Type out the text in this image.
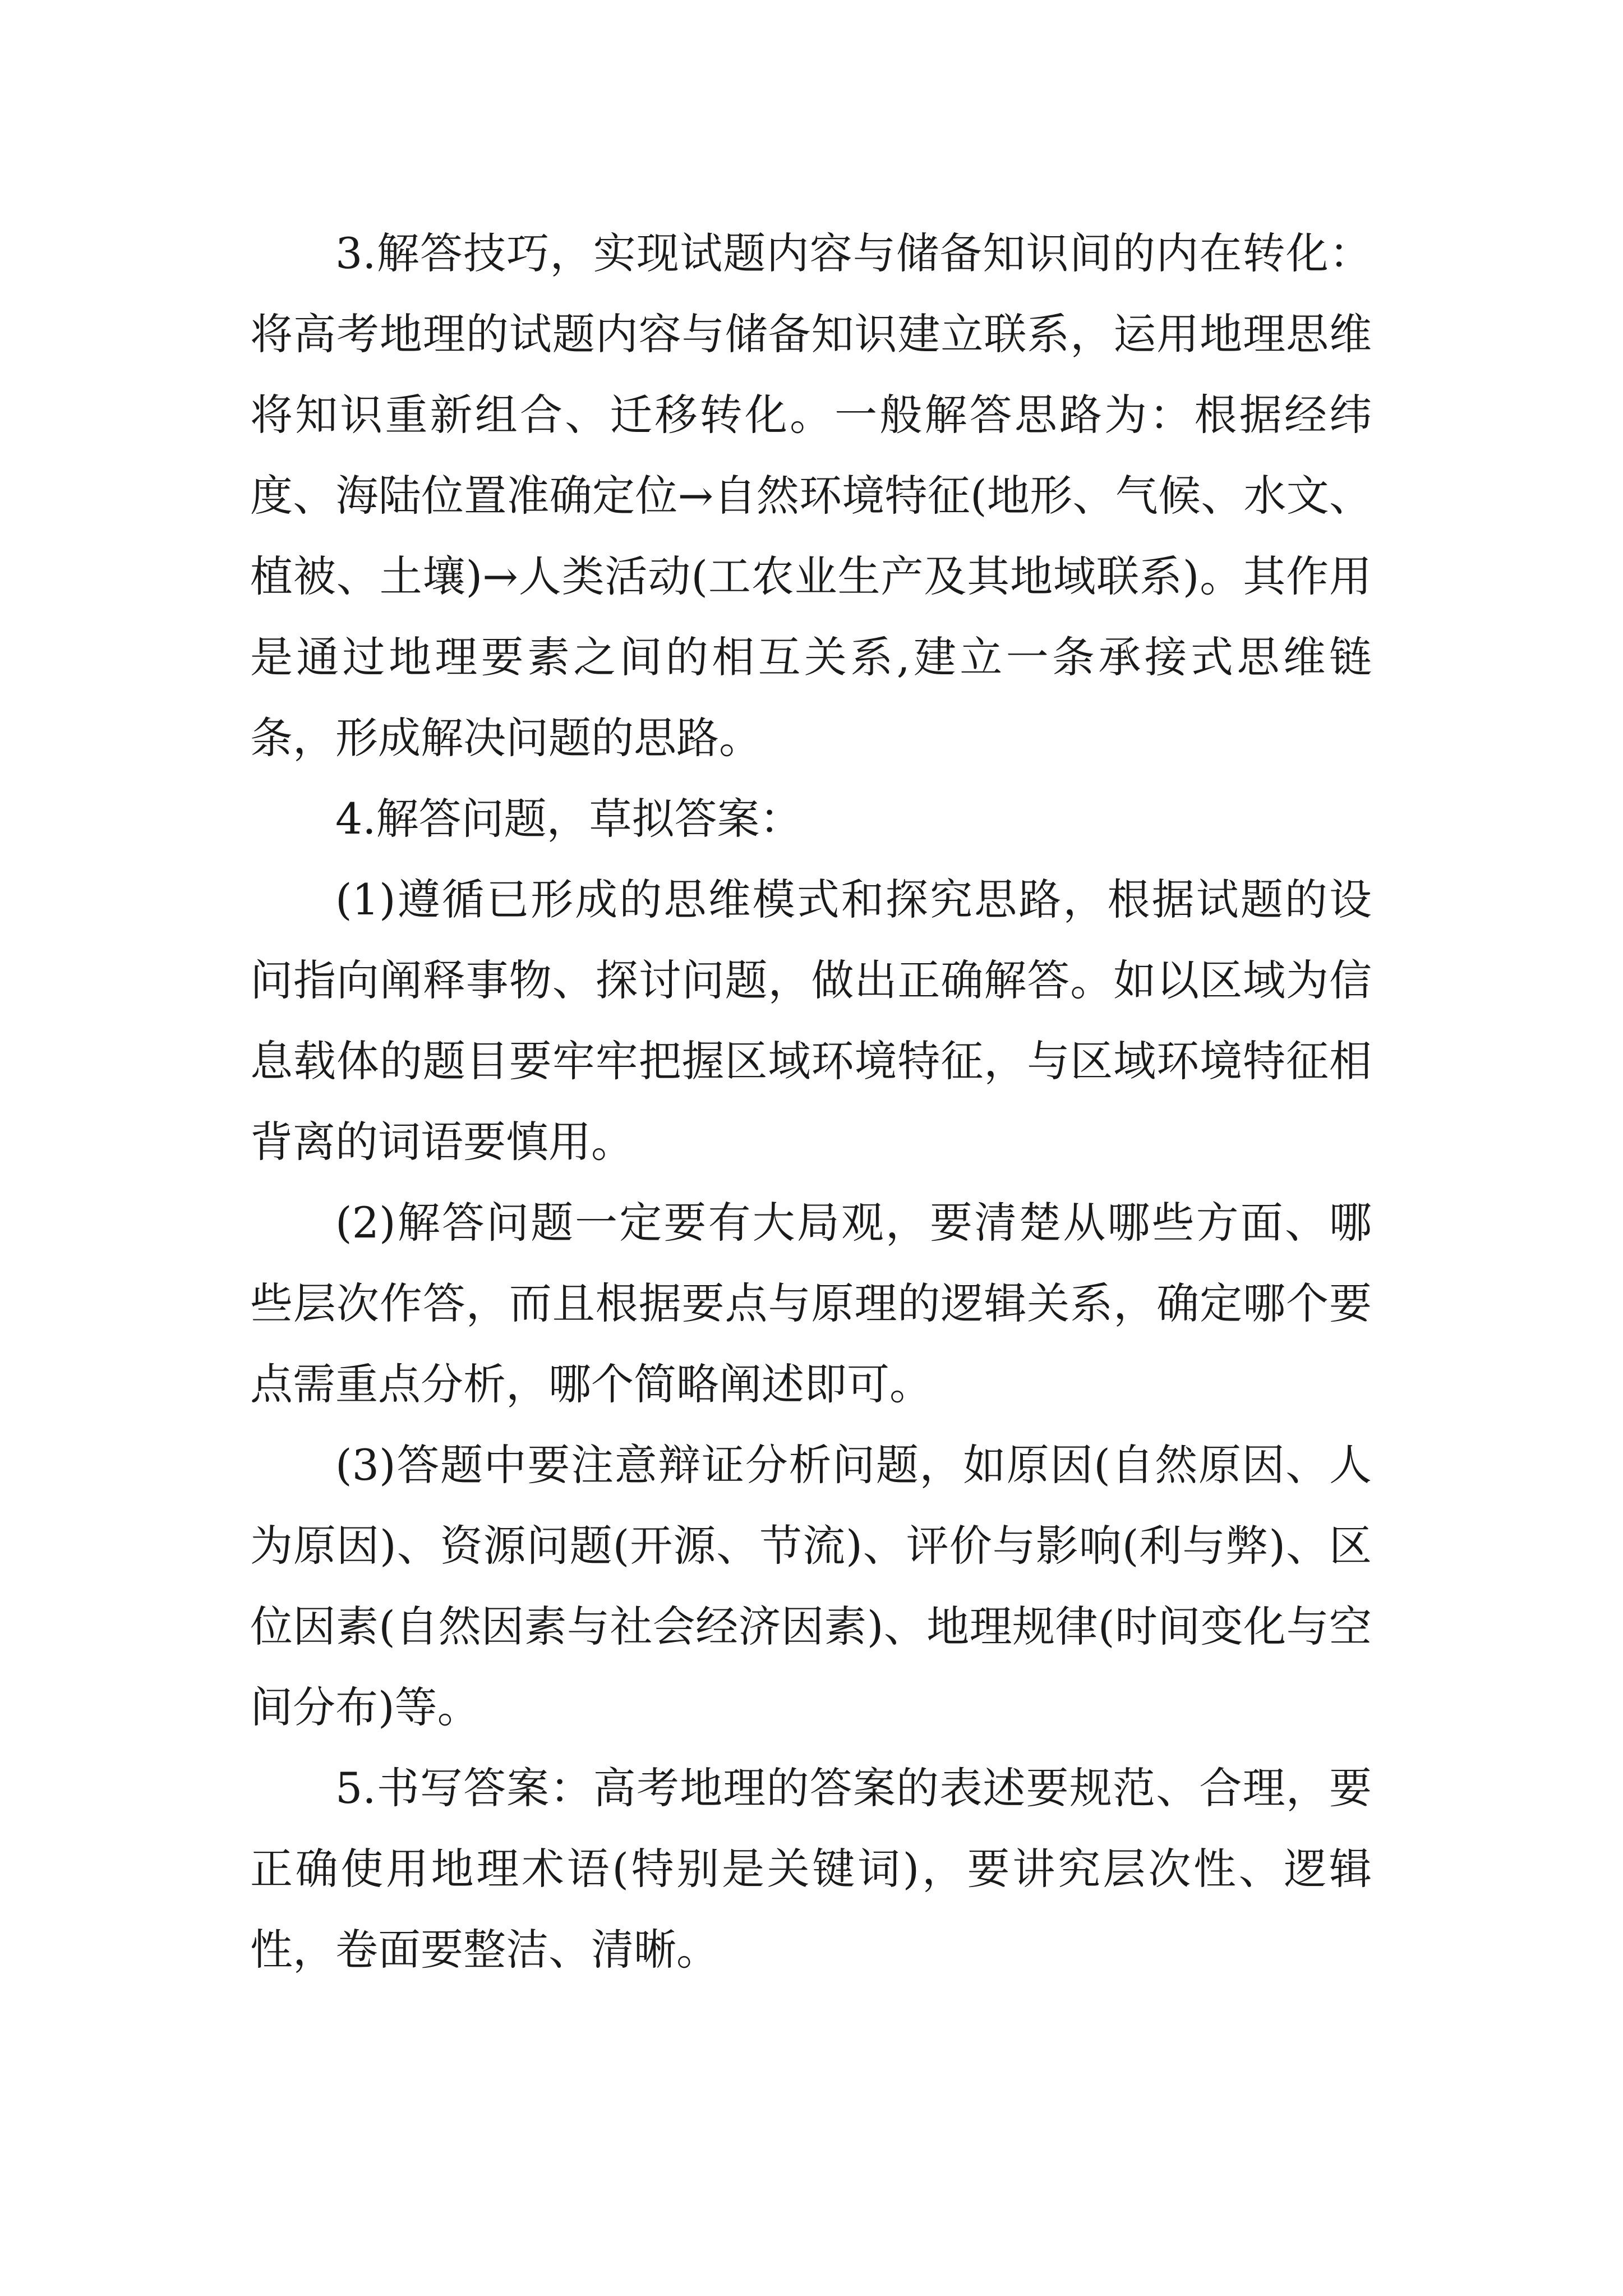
3.解答技巧，实现试题内容与储备知识间的内在转化：将高考地理的试题内容与储备知识建立联系，运用地理思维将知识重新组合、迁移转化。一般解答思路为：根据经纬度、海陆位置准确定位→自然环境特征(地形、气候、水文、植被、土壤)→人类活动(工农业生产及其地域联系)。其作用是通过地理要素之间的相互关系,建立一条承接式思维链条，形成解决问题的思路。

4.解答问题，草拟答案：

(1)遵循已形成的思维模式和探究思路，根据试题的设问指向阐释事物、探讨问题，做出正确解答。如以区域为信息载体的题目要牢牢把握区域环境特征，与区域环境特征相背离的词语要慎用。

(2)解答问题一定要有大局观，要清楚从哪些方面、哪些层次作答，而且根据要点与原理的逻辑关系，确定哪个要点需重点分析，哪个简略阐述即可。

(3)答题中要注意辩证分析问题，如原因(自然原因、人为原因)、资源问题(开源、节流)、评价与影响(利与弊)、区位因素(自然因素与社会经济因素)、地理规律(时间变化与空间分布)等。

5.书写答案：高考地理的答案的表述要规范、合理，要正确使用地理术语(特别是关键词)，要讲究层次性、逻辑性，卷面要整洁、清晰。
